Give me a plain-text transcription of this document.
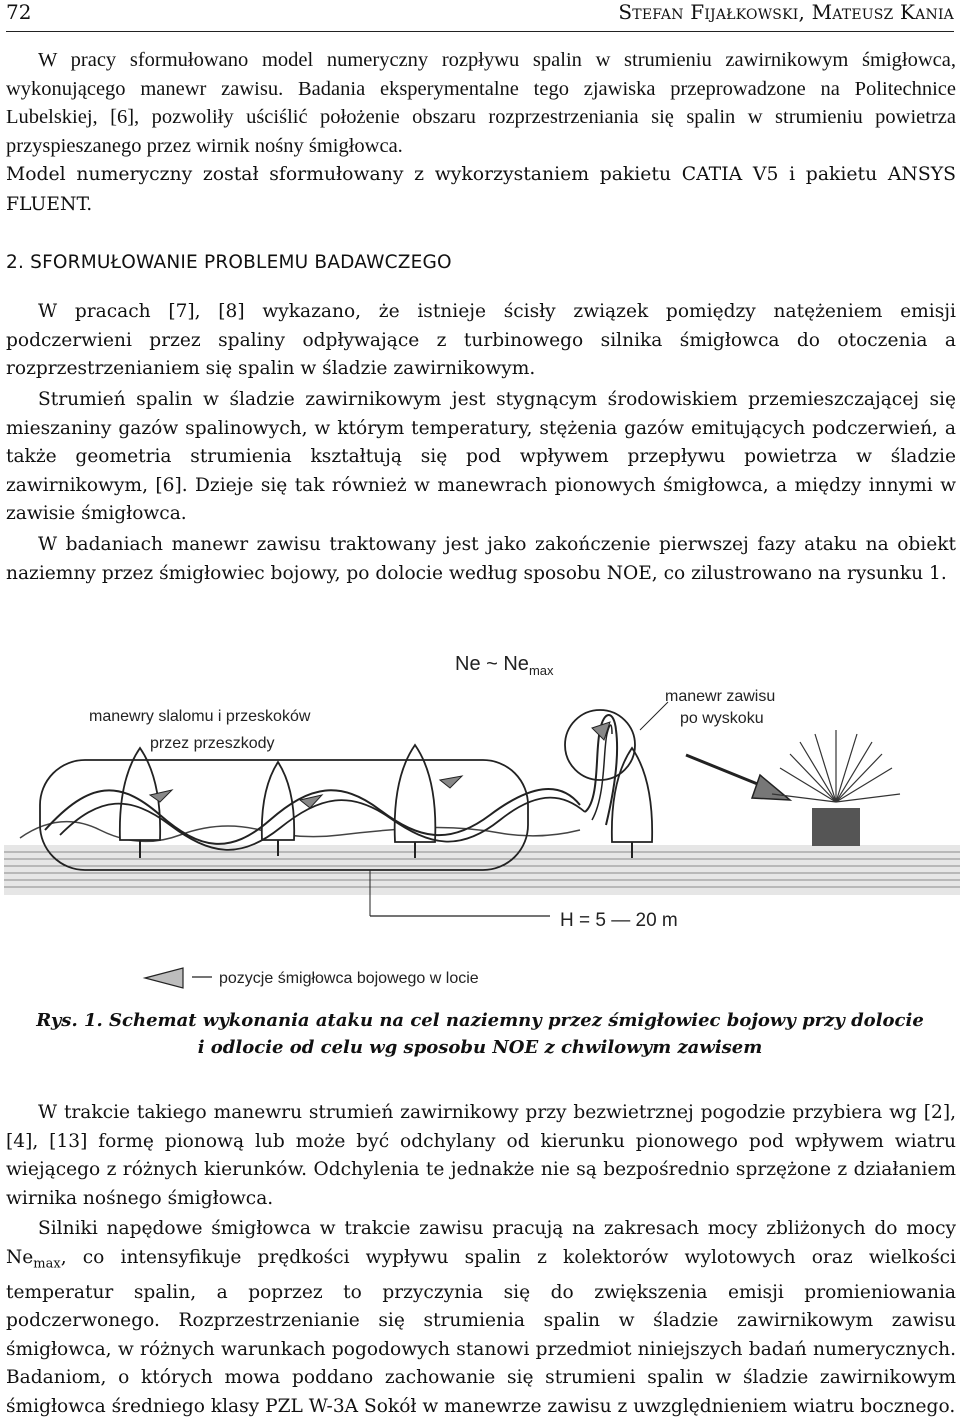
72	Stefan Fijałkowski, Mateusz Kania

W pracy sformułowano model numeryczny rozpływu spalin w strumieniu zawirnikowym śmigłowca, wykonującego manewr zawisu. Badania eksperymentalne tego zjawiska przeprowadzone na Politechnice Lubelskiej, [6], pozwoliły uściślić położenie obszaru rozprzestrzeniania się spalin w strumieniu powietrza przyspieszanego przez wirnik nośny śmigłowca.
Model numeryczny został sformułowany z wykorzystaniem pakietu CATIA V5 i pakietu ANSYS FLUENT.

2. SFORMUŁOWANIE PROBLEMU BADAWCZEGO

W pracach [7], [8] wykazano, że istnieje ścisły związek pomiędzy natężeniem emisji podczerwieni przez spaliny odpływające z turbinowego silnika śmigłowca do otoczenia a rozprzestrzenianiem się spalin w śladzie zawirnikowym.

Strumień spalin w śladzie zawirnikowym jest stygnącym środowiskiem przemieszczającej się mieszaniny gazów spalinowych, w którym temperatury, stężenia gazów emitujących podczerwień, a także geometria strumienia kształtują się pod wpływem przepływu powietrza w śladzie zawirnikowym, [6]. Dzieje się tak również w manewrach pionowych śmigłowca, a między innymi w zawisie śmigłowca.

W badaniach manewr zawisu traktowany jest jako zakończenie pierwszej fazy ataku na obiekt naziemny przez śmigłowiec bojowy, po dolocie według sposobu NOE, co zilustrowano na rysunku 1.

Ne ~ $Ne_{max}$
manewry slalomu i przeskoków
przez przeszkody
manewr zawisu
po wyskoku
H = 5 — 20 m
pozycje śmigłowca bojowego w locie
Rys. 1. Schemat wykonania ataku na cel naziemny przez śmigłowiec bojowy przy dolocie
i odlocie od celu wg sposobu NOE z chwilowym zawisem

W trakcie takiego manewru strumień zawirnikowy przy bezwietrznej pogodzie przybiera wg [2], [4], [13] formę pionową lub może być odchylany od kierunku pionowego pod wpływem wiatru wiejącego z różnych kierunków. Odchylenia te jednakże nie są bezpośrednio sprzężone z działaniem wirnika nośnego śmigłowca.

Silniki napędowe śmigłowca w trakcie zawisu pracują na zakresach mocy zbliżonych do mocy $Ne_{max}$, co intensyfikuje prędkości wypływu spalin z kolektorów wylotowych oraz wielkości temperatur spalin, a poprzez to przyczynia się do zwiększenia emisji promieniowania podczerwonego. Rozprzestrzenianie się strumienia spalin w śladzie zawirnikowym zawisu śmigłowca, w różnych warunkach pogodowych stanowi przedmiot niniejszych badań numerycznych. Badaniom, o których mowa poddano zachowanie się strumieni spalin w śladzie zawirnikowym śmigłowca średniego klasy PZL W-3A Sokół w manewrze zawisu z uwzględnieniem wiatru bocznego.
